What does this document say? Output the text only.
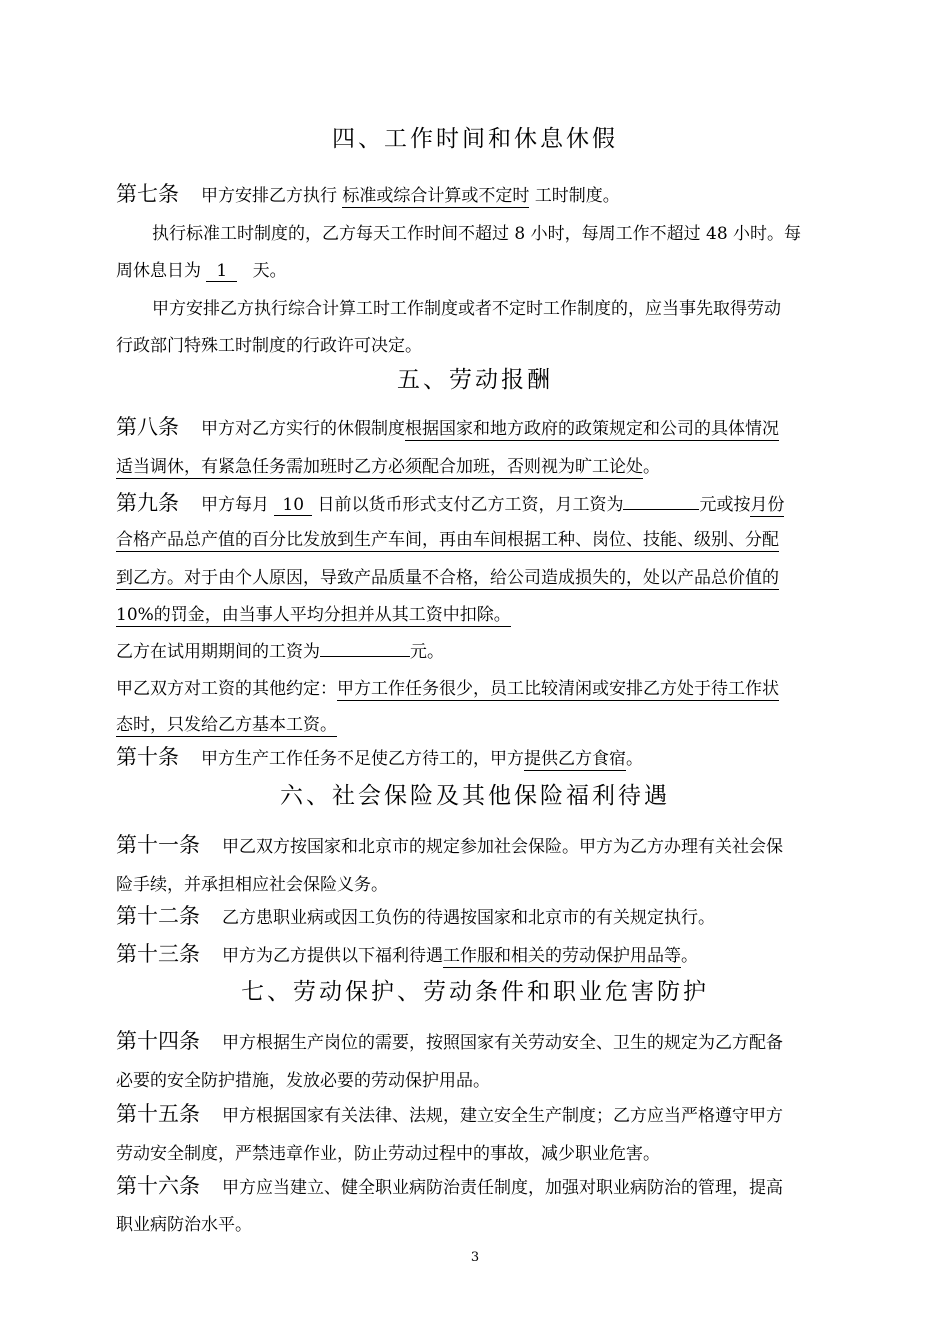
四、工作时间和休息休假
第七条 甲方安排乙方执行 标准或综合计算或不定时 工时制度。
执行标准工时制度的，乙方每天工作时间不超过 8 小时，每周工作不超过 48 小时。每
周休息日为 1 天。
甲方安排乙方执行综合计算工时工作制度或者不定时工作制度的，应当事先取得劳动
行政部门特殊工时制度的行政许可决定。
五、劳动报酬
第八条 甲方对乙方实行的休假制度根据国家和地方政府的政策规定和公司的具体情况
适当调休，有紧急任务需加班时乙方必须配合加班，否则视为旷工论处。
第九条 甲方每月 10 日前以货币形式支付乙方工资，月工资为	元或按月份
合格产品总产值的百分比发放到生产车间，再由车间根据工种、岗位、技能、级别、分配
到乙方。对于由个人原因，导致产品质量不合格，给公司造成损失的，处以产品总价值的
10%的罚金，由当事人平均分担并从其工资中扣除。
乙方在试用期期间的工资为	元。
甲乙双方对工资的其他约定：甲方工作任务很少，员工比较清闲或安排乙方处于待工作状
态时，只发给乙方基本工资。
第十条 甲方生产工作任务不足使乙方待工的，甲方提供乙方食宿。
六、社会保险及其他保险福利待遇
第十一条 甲乙双方按国家和北京市的规定参加社会保险。甲方为乙方办理有关社会保
险手续，并承担相应社会保险义务。
第十二条 乙方患职业病或因工负伤的待遇按国家和北京市的有关规定执行。
第十三条 甲方为乙方提供以下福利待遇工作服和相关的劳动保护用品等。
七、劳动保护、劳动条件和职业危害防护
第十四条 甲方根据生产岗位的需要，按照国家有关劳动安全、卫生的规定为乙方配备
必要的安全防护措施，发放必要的劳动保护用品。
第十五条 甲方根据国家有关法律、法规，建立安全生产制度；乙方应当严格遵守甲方
劳动安全制度，严禁违章作业，防止劳动过程中的事故，减少职业危害。
第十六条 甲方应当建立、健全职业病防治责任制度，加强对职业病防治的管理，提高
职业病防治水平。
3
